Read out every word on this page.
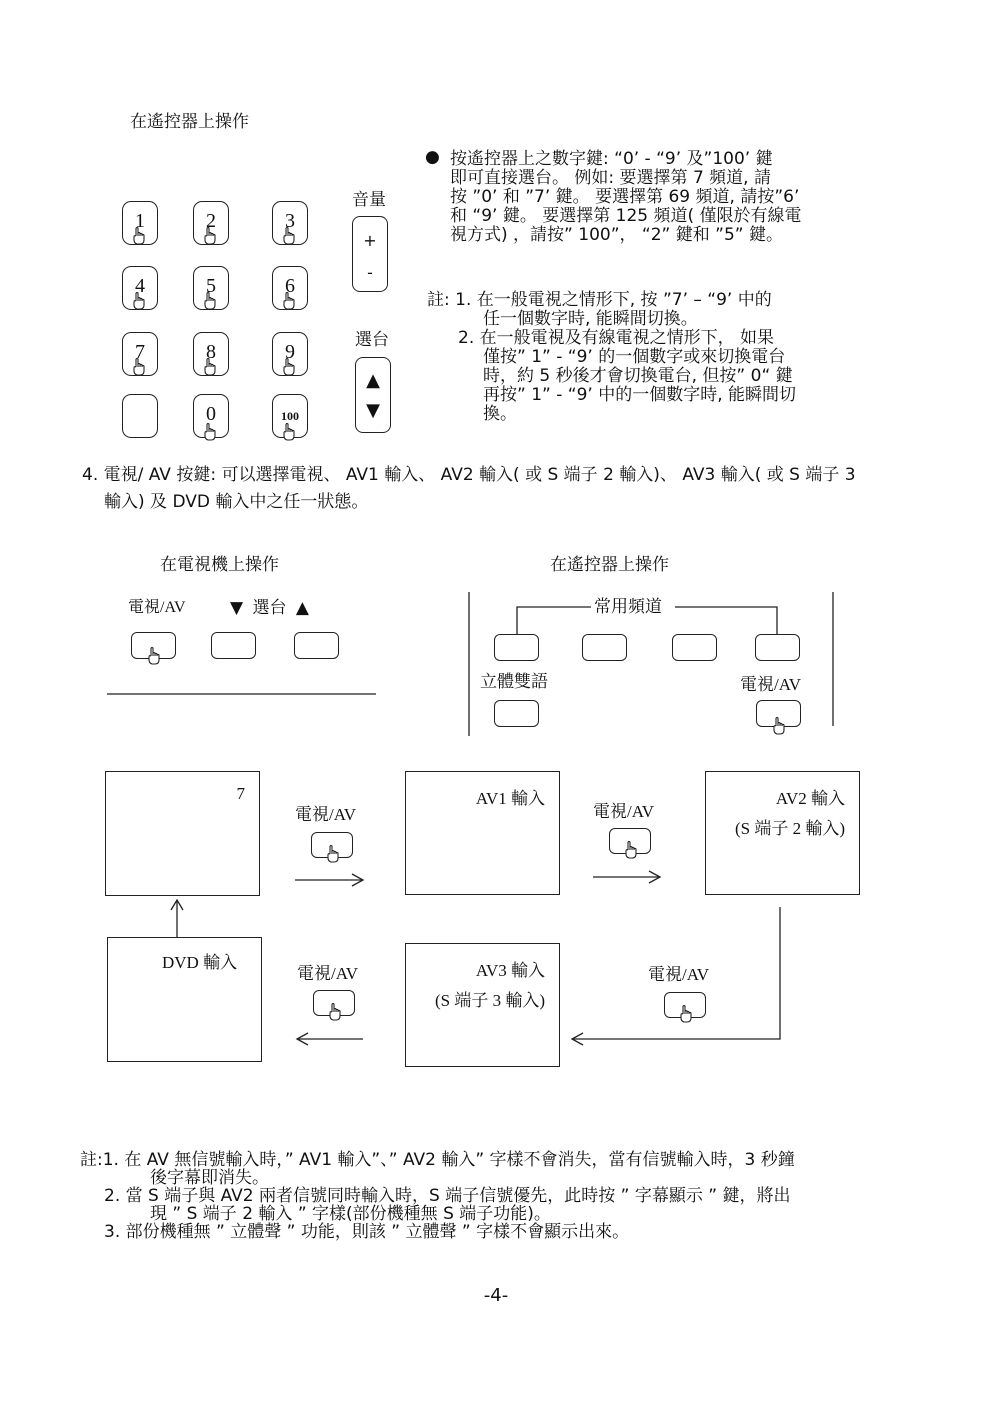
在遙控器上操作
1	2	3
4	5	6
7	8	9
0	100
音量
+
-
選台
▲
▼
● 按遙控器上之數字鍵: “0’ - “9’ 及”100’ 鍵
即可直接選台。 例如: 要選擇第 7 頻道, 請
按 ”0’ 和 ”7’ 鍵。 要選擇第 69 頻道, 請按”6’
和 “9’ 鍵。 要選擇第 125 頻道( 僅限於有線電
視方式) ，請按” 100”， “2” 鍵和 ”5” 鍵。
註: 1. 在一般電視之情形下, 按 ”7’ – “9’ 中的
任一個數字時, 能瞬間切換。
2. 在一般電視及有線電視之情形下， 如果
僅按” 1” - “9’ 的一個數字或來切換電台
時，約 5 秒後才會切換電台, 但按” 0“ 鍵
再按” 1” - “9’ 中的一個數字時, 能瞬間切
換。
4. 電視/ AV 按鍵: 可以選擇電視、 AV1 輸入、 AV2 輸入( 或 S 端子 2 輸入)、 AV3 輸入( 或 S 端子 3
輸入) 及 DVD 輸入中之任一狀態。
在電視機上操作
電視/AV	▼ 選台 ▲
在遙控器上操作
常用頻道
立體雙語	電視/AV
7	AV1 輸入	AV2 輸入
(S 端子 2 輸入)
AV3 輸入
(S 端子 3 輸入)
DVD 輸入
電視/AV	電視/AV
電視/AV	電視/AV
註:1. 在 AV 無信號輸入時，” AV1 輸入”、” AV2 輸入” 字樣不會消失，當有信號輸入時，3 秒鐘
後字幕即消失。
2. 當 S 端子與 AV2 兩者信號同時輸入時，S 端子信號優先，此時按 ” 字幕顯示 ” 鍵，將出
現 ” S 端子 2 輸入 ” 字樣(部份機種無 S 端子功能)。
3. 部份機種無 ” 立體聲 ” 功能，則該 ” 立體聲 ” 字樣不會顯示出來。
-4-
